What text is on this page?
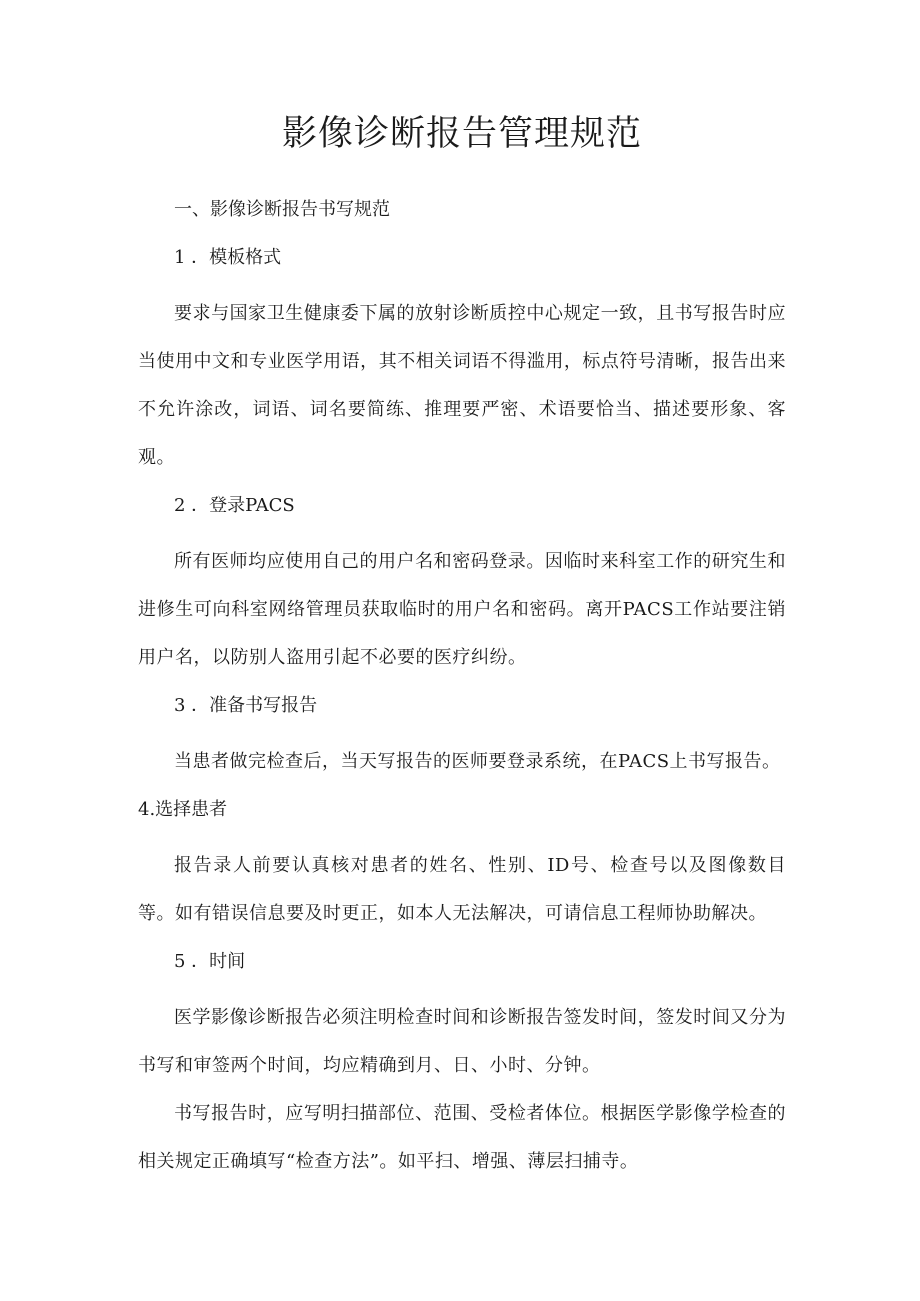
影像诊断报告管理规范
一、影像诊断报告书写规范
1 ．模板格式

要求与国家卫生健康委下属的放射诊断质控中心规定一致，且书写报告时应当使用中文和专业医学用语，其不相关词语不得滥用，标点符号清晰，报告出来不允许涂改，词语、词名要简练、推理要严密、术语要恰当、描述要形象、客观。

2 ．登录PACS

所有医师均应使用自己的用户名和密码登录。因临时来科室工作的研究生和进修生可向科室网络管理员获取临时的用户名和密码。离开PACS工作站要注销用户名，以防别人盗用引起不必要的医疗纠纷。

3 ．准备书写报告

当患者做完检查后，当天写报告的医师要登录系统，在PACS上书写报告。

4.选择患者

报告录人前要认真核对患者的姓名、性别、ID号、检查号以及图像数目等。如有错误信息要及时更正，如本人无法解决，可请信息工程师协助解决。

5 ．时间

医学影像诊断报告必须注明检查时间和诊断报告签发时间，签发时间又分为书写和审签两个时间，均应精确到月、日、小时、分钟。

书写报告时，应写明扫描部位、范围、受检者体位。根据医学影像学检查的相关规定正确填写“检查方法”。如平扫、增强、薄层扫捕寺。
